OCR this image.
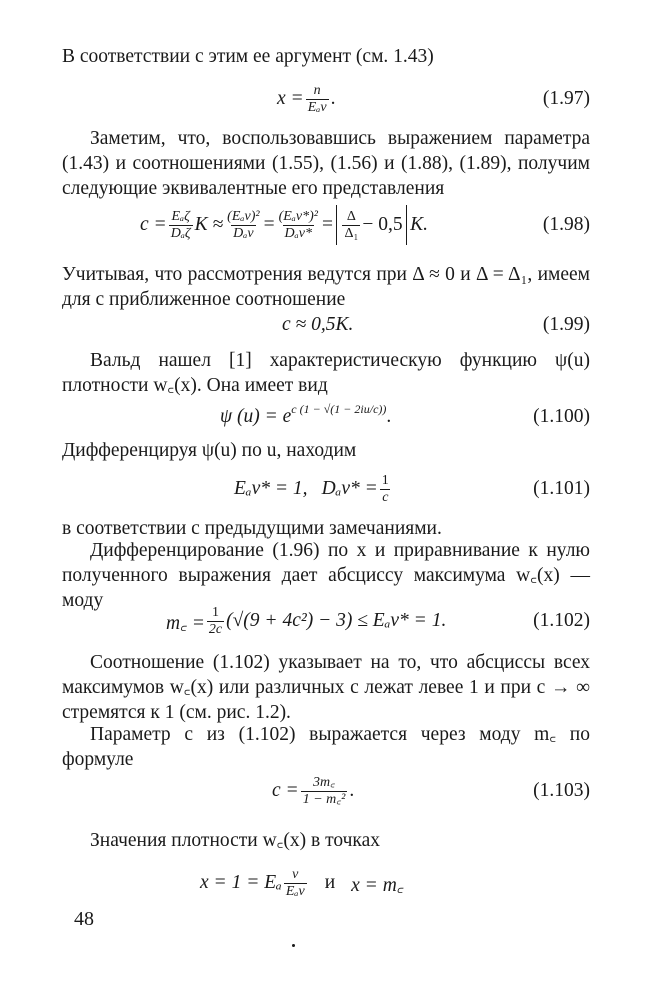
В соответствии с этим ее аргумент (см. 1.43)
$x = \frac{n}{\text{Eₐν}}$ .	(1.97)
Заметим, что, воспользовавшись выражением параметра (1.43) и соотношениями (1.55), (1.56) и (1.88), (1.89), получим следующие эквивалентные его представления
$c = \frac{\text{Eₐζ}}{\text{Dₐζ}}$ $K \approx \frac{\text{(Eₐν)²}}{\text{Dₐν}} = \frac{\text{(Eₐν*)²}}{\text{Dₐν*}} = \frac{\Delta}{\text{Δ₁}} - 0,5$ K.	(1.98)
Учитывая, что рассмотрения ведутся при Δ ≈ 0 и Δ = Δ₁, имеем для c приближенное соотношение
c ≈ 0,5K.	(1.99)
Вальд нашел [1] характеристическую функцию ψ(u) плотности w꜀(x). Она имеет вид
ψ $(u) = e^{c (1 - √(1 - 2iu/c))}$ .	(1.100)
Дифференцируя ψ(u) по u, находим
Eₐν* = 1, $D_a\nu* = \frac{1}{c}$	(1.101)
в соответствии с предыдущими замечаниями.
Дифференцирование (1.96) по x и приравнивание к нулю полученного выражения дает абсциссу максимума w꜀(x) — моду
m꜀ = $\frac{1}{2c} (√(9 + 4c^2) - 3) \le E_a\nu* = 1$.	(1.102)
Соотношение (1.102) указывает на то, что абсциссы всех максимумов w꜀(x) или различных c лежат левее 1 и при c → ∞ стремятся к 1 (см. рис. 1.2).
Параметр c из (1.102) выражается через моду m꜀ по формуле
$c = \frac{3m꜀}{\text{1 − m꜀²}}$ .	(1.103)
Значения плотности w꜀(x) в точках
x = 1 = Eₐ $\frac{\nu}{\text{Eₐν}}$ и x = m꜀
48
